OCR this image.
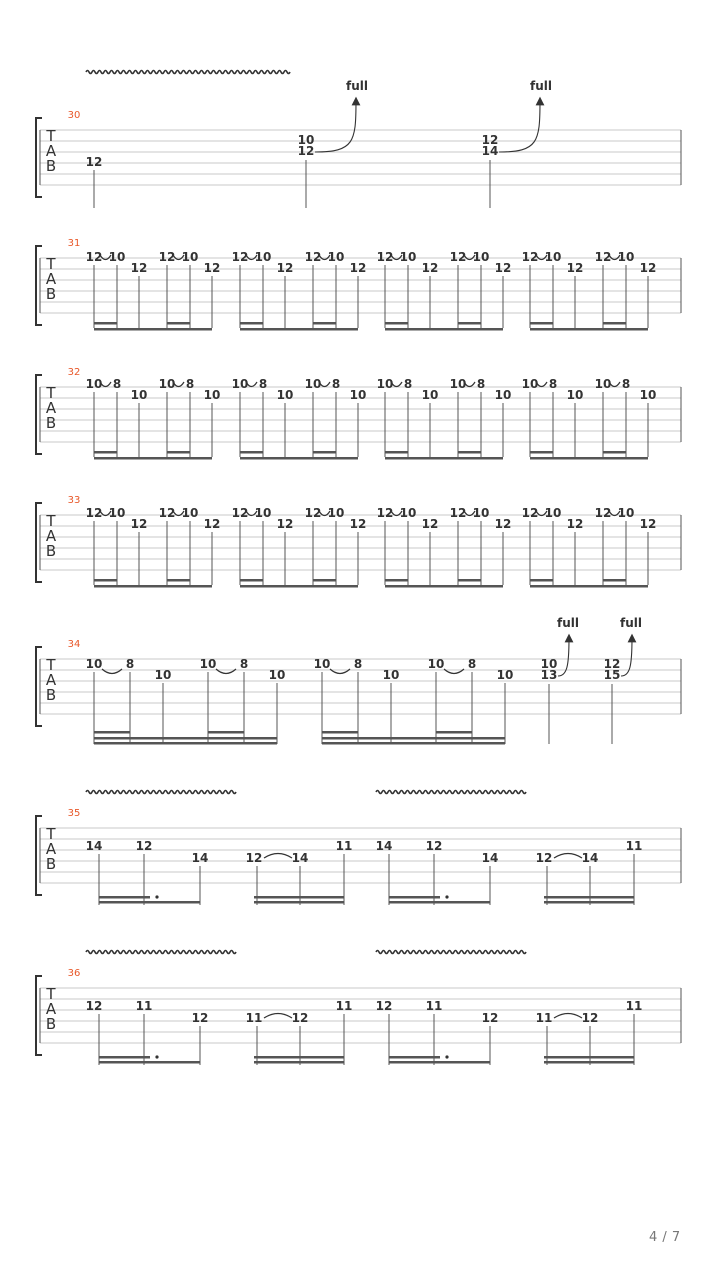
T
A
B
30
12
10
12
12
14
full	full
T
A
B
31
12 10
12
12 10
12
12 10
12
12 10
12
12 10
12
12 10
12
12 10
12
12 10
12
T
A
B
32
10 8
10
10 8
10
10 8
10
10 8
10
10 8
10
10 8
10
10 8
10
10 8
10
T
A
B
33
12 10
12
12 10
12
12 10
12
12 10
12
12 10
12
12 10
12
12 10
12
12 10
12
T
A
B
34
10 8
10
10 8
10
10 8
10
10 8
10
10
13
12
15
full	full
T
A
B
35
14	12
14	12 14
11 14	12
14	12 14
11
T
A
B
36
12	11
12	11 12
11 12	11
12	11 12
11
4 / 7
